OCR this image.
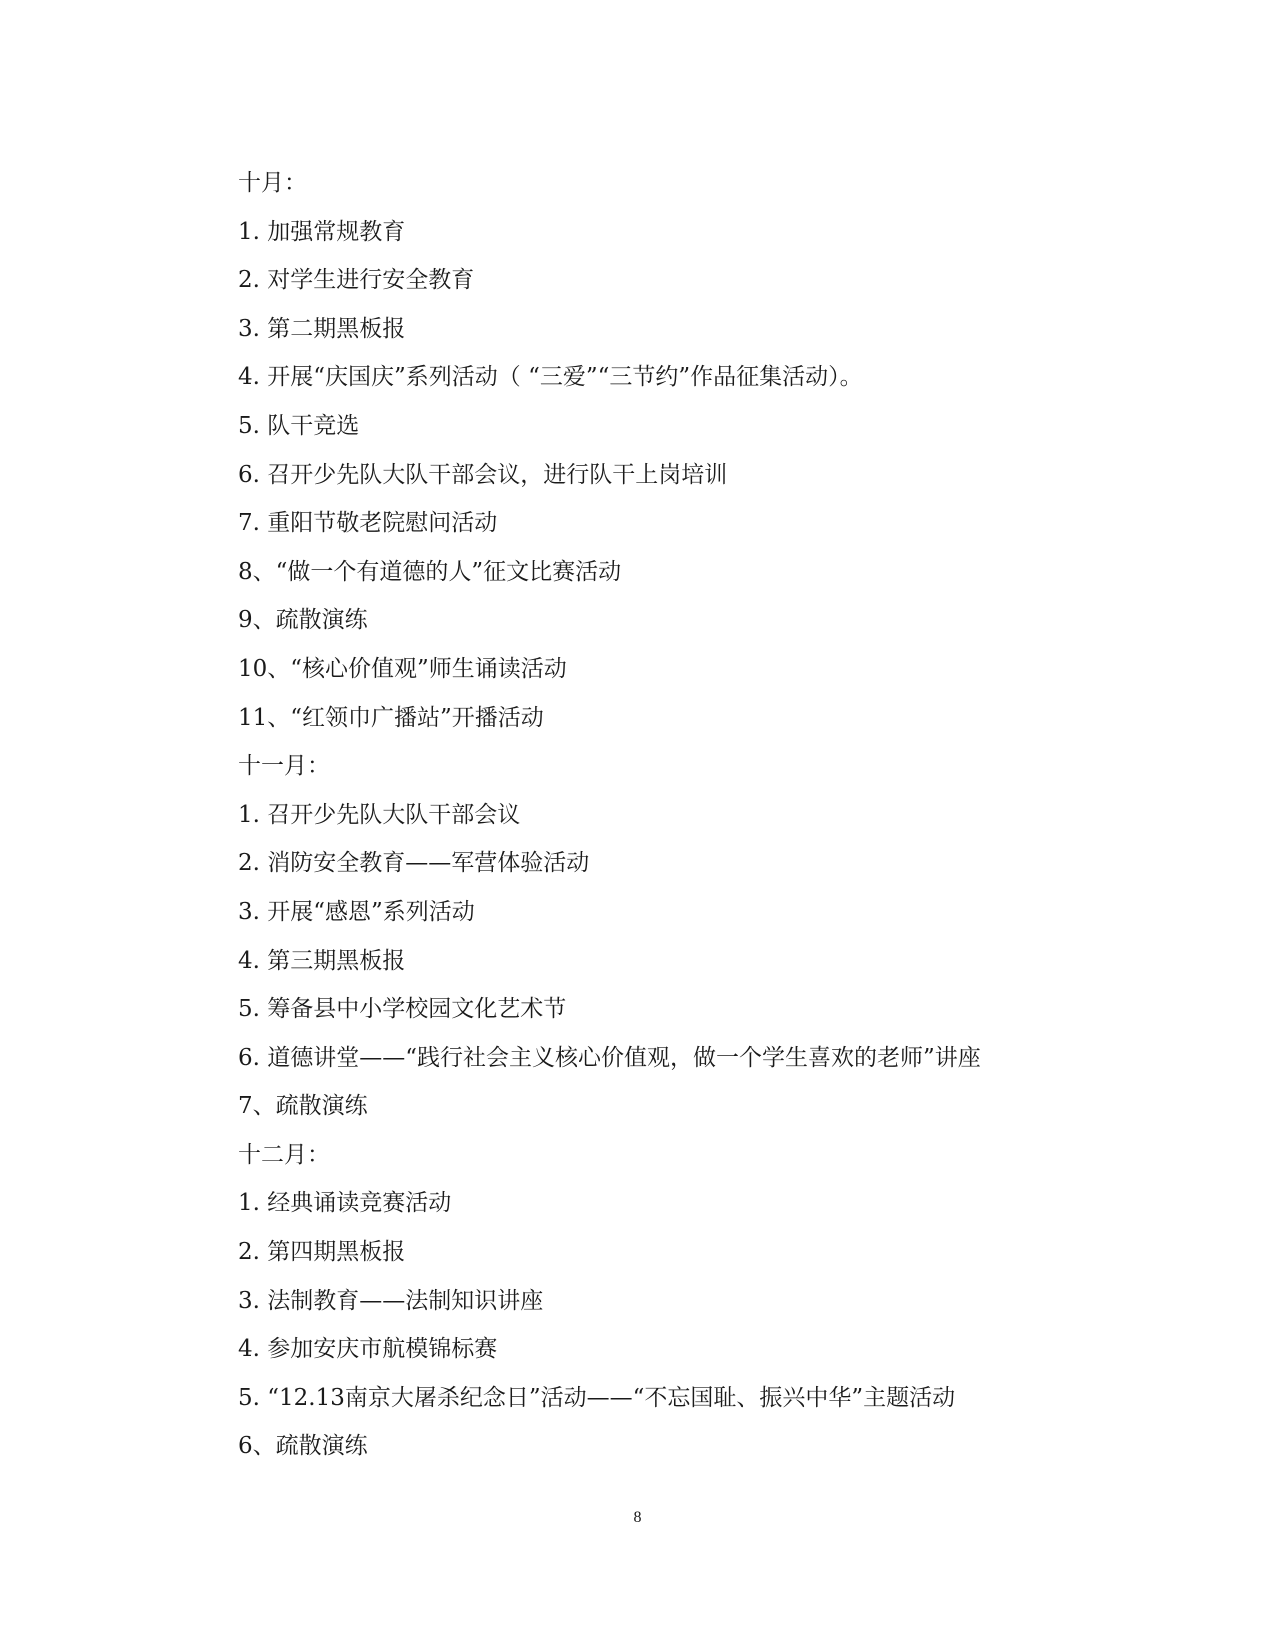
十月：
1. 加强常规教育
2. 对学生进行安全教育
3. 第二期黑板报
4. 开展“庆国庆”系列活动（ “三爱”“三节约”作品征集活动）。
5. 队干竞选
6. 召开少先队大队干部会议，进行队干上岗培训
7. 重阳节敬老院慰问活动
8、“做一个有道德的人”征文比赛活动
9、疏散演练
10、“核心价值观”师生诵读活动
11、“红领巾广播站”开播活动
十一月：
1. 召开少先队大队干部会议
2. 消防安全教育——军营体验活动
3. 开展“感恩”系列活动
4. 第三期黑板报
5. 筹备县中小学校园文化艺术节
6. 道德讲堂——“践行社会主义核心价值观，做一个学生喜欢的老师”讲座
7、疏散演练
十二月：
1. 经典诵读竞赛活动
2. 第四期黑板报
3. 法制教育——法制知识讲座
4. 参加安庆市航模锦标赛
5. “12.13南京大屠杀纪念日”活动——“不忘国耻、振兴中华”主题活动
6、疏散演练
8
